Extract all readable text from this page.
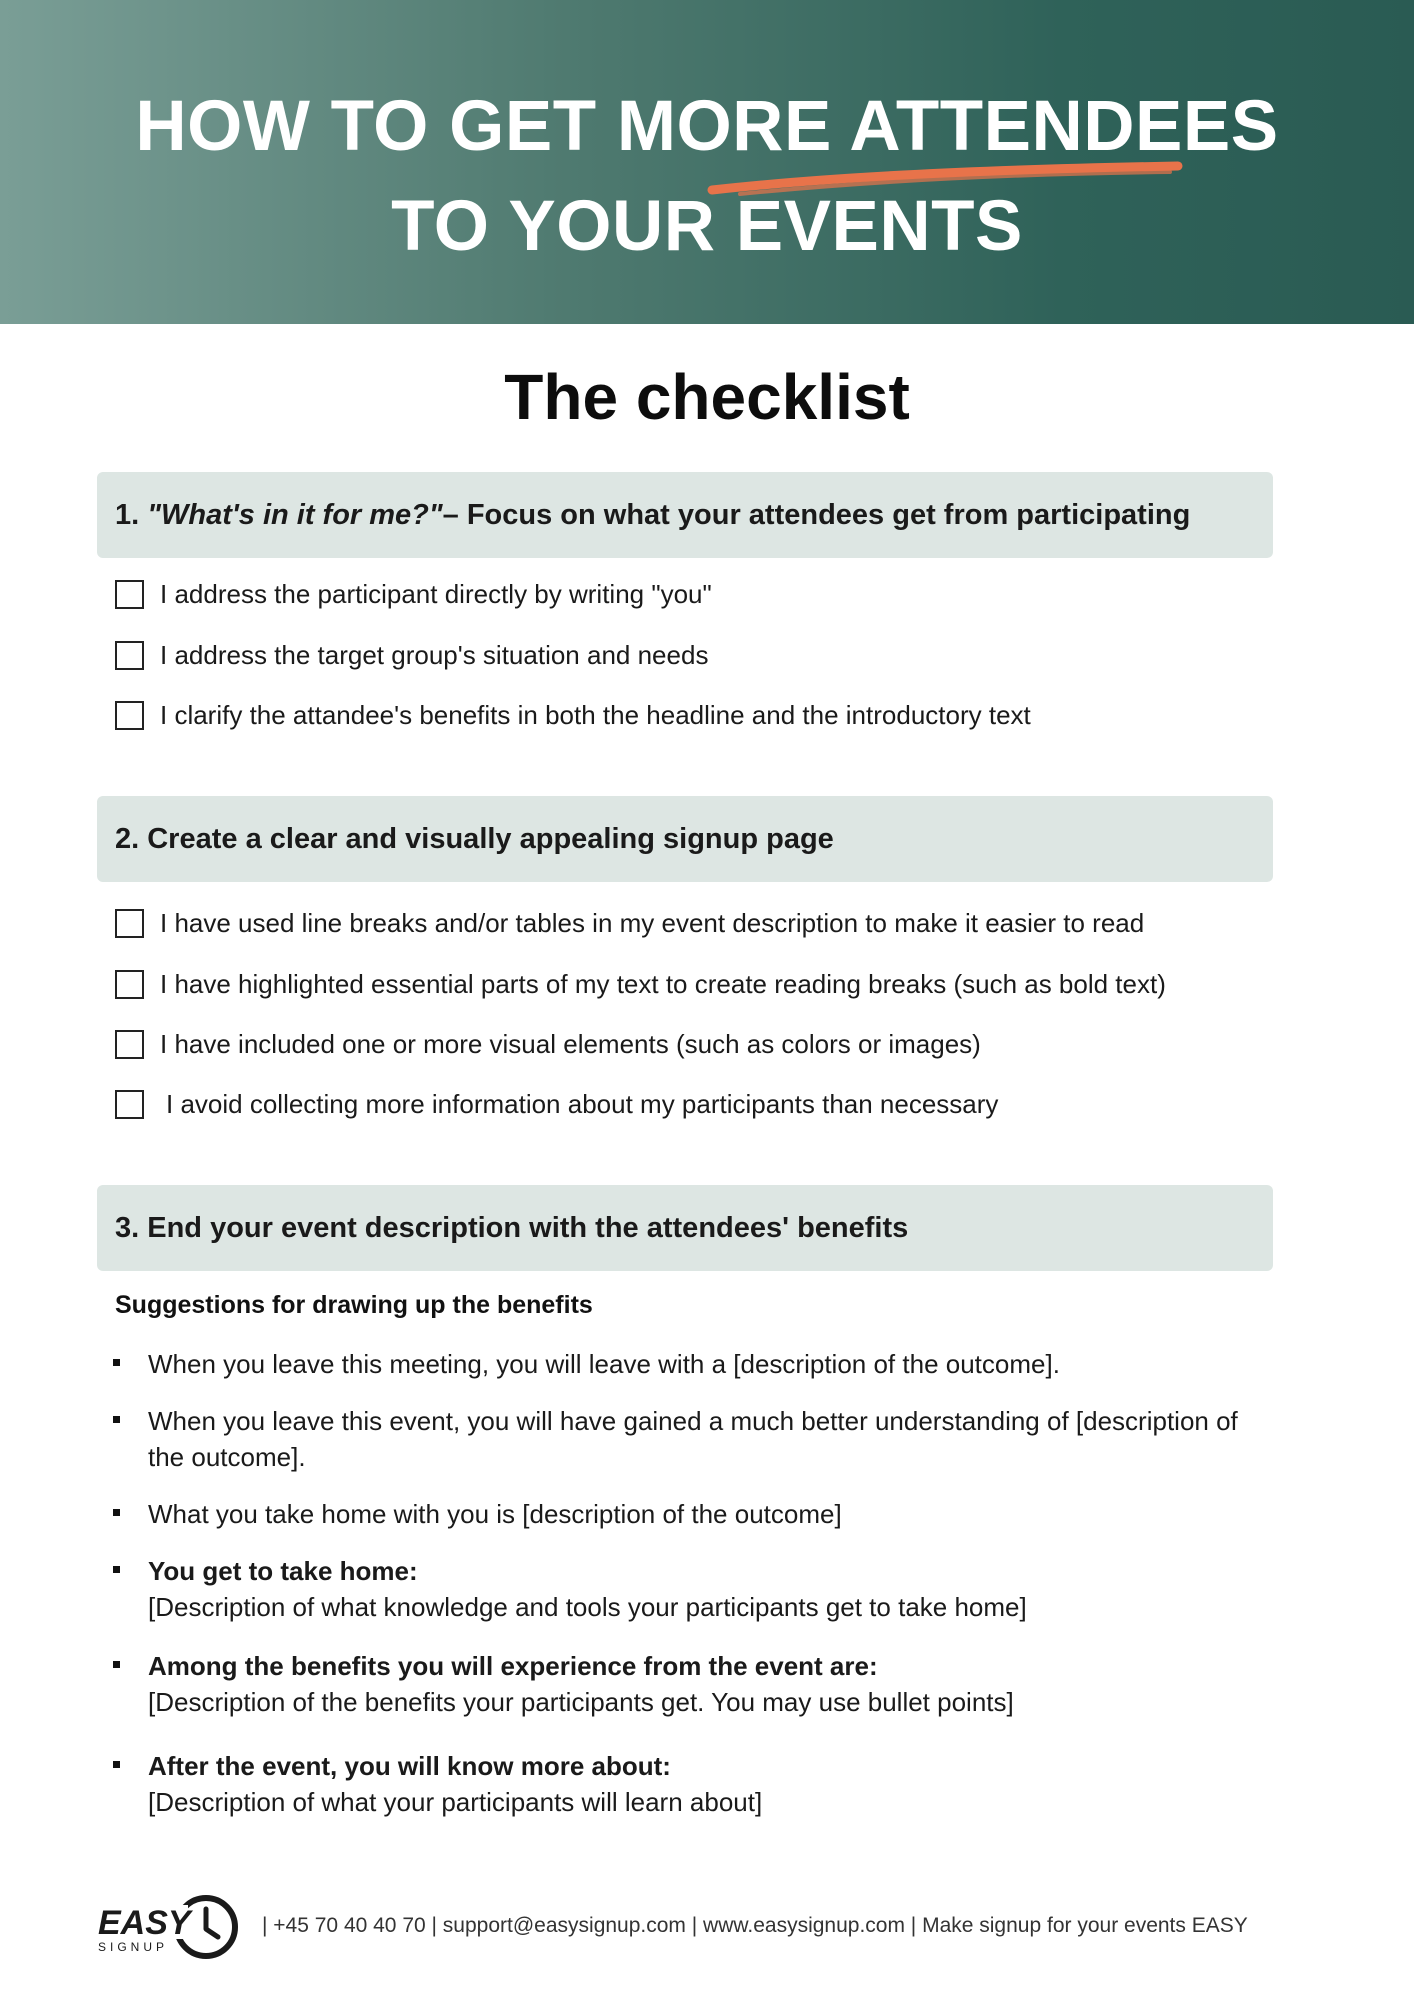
HOW TO GET MORE ATTENDEES
TO YOUR EVENTS
The checklist
1.
"What's in it for me?" – Focus on what your attendees get from participating
I address the participant directly by writing "you"
I address the target group's situation and needs
I clarify the attandee's benefits in both the headline and the introductory text
2. Create a clear and visually appealing signup page
I have used line breaks and/or tables in my event description to make it easier to read
I have highlighted essential parts of my text to create reading breaks (such as bold text)
I have included one or more visual elements (such as colors or images)
I avoid collecting more information about my participants than necessary
3. End your event description with the attendees' benefits
Suggestions for drawing up the benefits
When you leave this meeting, you will leave with a [description of the outcome].
When you leave this event, you will have gained a much better understanding of [description of the outcome].
What you take home with you is [description of the outcome]
You get to take home:
[Description of what knowledge and tools your participants get to take home]
Among the benefits you will experience from the event are:
[Description of the benefits your participants get. You may use bullet points]
After the event, you will know more about:
[Description of what your participants will learn about]
EASY
SIGNUP
| +45 70 40 40 70 | support@easysignup.com | www.easysignup.com | Make signup for your events EASY
